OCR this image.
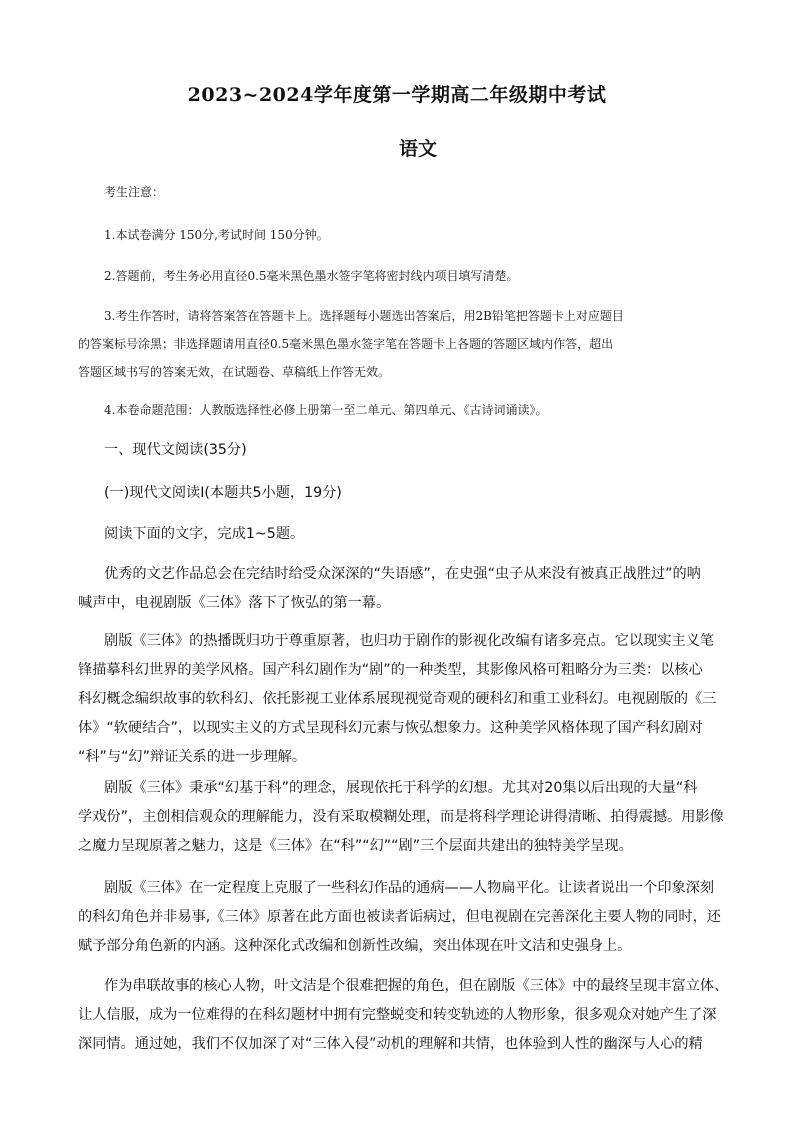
2023~2024学年度第一学期高二年级期中考试
语文
考生注意：
1.本试卷满分 150分,考试时间 150分钟。
2.答题前，考生务必用直径0.5毫米黑色墨水签字笔将密封线内项目填写清楚。
3.考生作答时，请将答案答在答题卡上。选择题每小题选出答案后，用2B铅笔把答题卡上对应题目
的答案标号涂黑；非选择题请用直径0.5毫米黑色墨水签字笔在答题卡上各题的答题区域内作答，超出
答题区域书写的答案无效，在试题卷、草稿纸上作答无效。
4.本卷命题范围：人教版选择性必修上册第一至二单元、第四单元、《古诗词诵读》。
一、现代文阅读(35分)
(一)现代文阅读Ⅰ(本题共5小题，19分)
阅读下面的文字，完成1~5题。
优秀的文艺作品总会在完结时给受众深深的“失语感”，在史强“虫子从来没有被真正战胜过”的呐
喊声中，电视剧版《三体》落下了恢弘的第一幕。
剧版《三体》的热播既归功于尊重原著，也归功于剧作的影视化改编有诸多亮点。它以现实主义笔
锋描摹科幻世界的美学风格。国产科幻剧作为“剧”的一种类型，其影像风格可粗略分为三类：以核心
科幻概念编织故事的软科幻、依托影视工业体系展现视觉奇观的硬科幻和重工业科幻。电视剧版的《三
体》“软硬结合”，以现实主义的方式呈现科幻元素与恢弘想象力。这种美学风格体现了国产科幻剧对
“科”与“幻”辩证关系的进一步理解。
剧版《三体》秉承“幻基于科”的理念，展现依托于科学的幻想。尤其对20集以后出现的大量“科
学戏份”，主创相信观众的理解能力，没有采取模糊处理，而是将科学理论讲得清晰、拍得震撼。用影像
之魔力呈现原著之魅力，这是《三体》在“科”“幻”“剧”三个层面共建出的独特美学呈现。
剧版《三体》在一定程度上克服了一些科幻作品的通病——人物扁平化。让读者说出一个印象深刻
的科幻角色并非易事,《三体》原著在此方面也被读者诟病过，但电视剧在完善深化主要人物的同时，还
赋予部分角色新的内涵。这种深化式改编和创新性改编，突出体现在叶文洁和史强身上。
作为串联故事的核心人物，叶文洁是个很难把握的角色，但在剧版《三体》中的最终呈现丰富立体、
让人信服，成为一位难得的在科幻题材中拥有完整蜕变和转变轨迹的人物形象，很多观众对她产生了深
深同情。通过她，我们不仅加深了对“三体入侵”动机的理解和共情，也体验到人性的幽深与人心的精
